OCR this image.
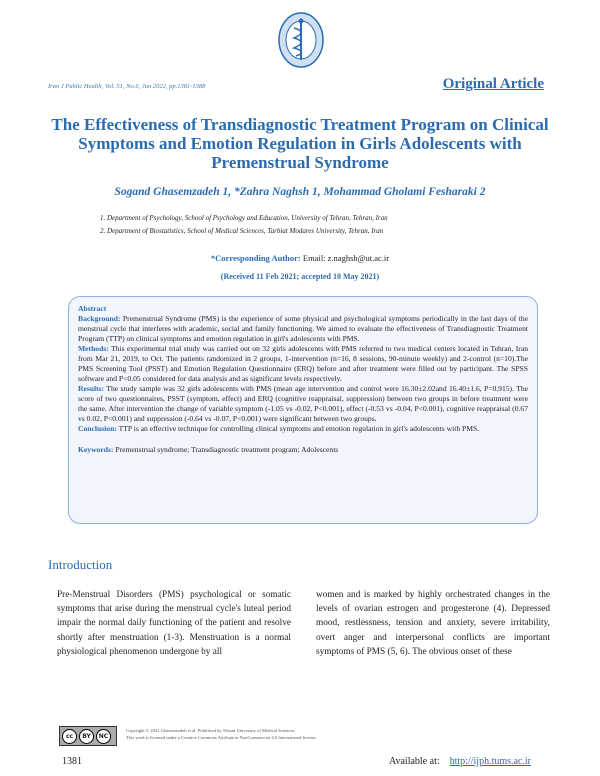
Iran J Public Health, Vol. 51, No.6, Jun 2022, pp.1381-1388	Original Article
The Effectiveness of Transdiagnostic Treatment Program on Clinical Symptoms and Emotion Regulation in Girls Adolescents with Premenstrual Syndrome
Sogand Ghasemzadeh 1, *Zahra Naghsh 1, Mohammad Gholami Fesharaki 2
1. Department of Psychology, School of Psychology and Education, University of Tehran, Tehran, Iran
2. Department of Biostatistics, School of Medical Sciences, Tarbiat Modares University, Tehran, Iran
*Corresponding Author: Email: z.naghsh@ut.ac.ir
(Received 11 Feb 2021; accepted 10 May 2021)

Abstract

Background: Premenstrual Syndrome (PMS) is the experience of some physical and psychological symptoms periodically in the last days of the menstrual cycle that interferes with academic, social and family functioning. We aimed to evaluate the effectiveness of Transdiagnostic Treatment Program (TTP) on clinical symptoms and emotion regulation in girl's adolescents with PMS.

Methods: This experimental trial study was carried out on 32 girls adolescents with PMS referred to two medical centers located in Tehran, Iran from Mar 21, 2019, to Oct. The patients randomized in 2 groups, 1-intervention (n=16, 8 sessions, 90-minute weekly) and 2-control (n=10).The PMS Screening Tool (PSST) and Emotion Regulation Questionnaire (ERQ) before and after treatment were filled out by participant. The SPSS software and P<0.05 considered for data analysis and as significant levels respectively.

Results: The study sample was 32 girls adolescents with PMS (mean age intervention and control were 16.30±2.02and 16.40±1.6, P=0.915). The score of two questionnaires, PSST (symptom, effect) and ERQ (cognitive reappraisal, suppression) between two groups in before treatment were the same. After intervention the change of variable symptom (-1.05 vs -0.02, P<0.001), effect (-0.53 vs -0.04, P<0.001), cognitive reappraisal (0.67 vs 0.02, P<0.001) and suppression (-0.64 vs -0.07, P<0.001) were significant between two groups.

Conclusion: TTP is an effective technique for controlling clinical symptoms and emotion regulation in girl's adolescents with PMS.

Keywords: Premenstrual syndrome; Transdiagnostic treatment program; Adolescents

Introduction
Pre-Menstrual Disorders (PMS) psychological or somatic symptoms that arise during the menstrual cycle's luteal period impair the normal daily functioning of the patient and resolve shortly after menstruation (1-3). Menstruation is a normal physiological phenomenon undergone by all
women and is marked by highly orchestrated changes in the levels of ovarian estrogen and progesterone (4). Depressed mood, restlessness, tension and anxiety, severe irritability, overt anger and interpersonal conflicts are important symptoms of PMS (5, 6). The obvious onset of these
cc	BY	NC
Copyright © 2022 Ghasemzadeh et al. Published by Tehran University of Medical Sciences.
This work is licensed under a Creative Commons Attribution-NonCommercial 4.0 International license.
1381	Available at: http://ijph.tums.ac.ir
